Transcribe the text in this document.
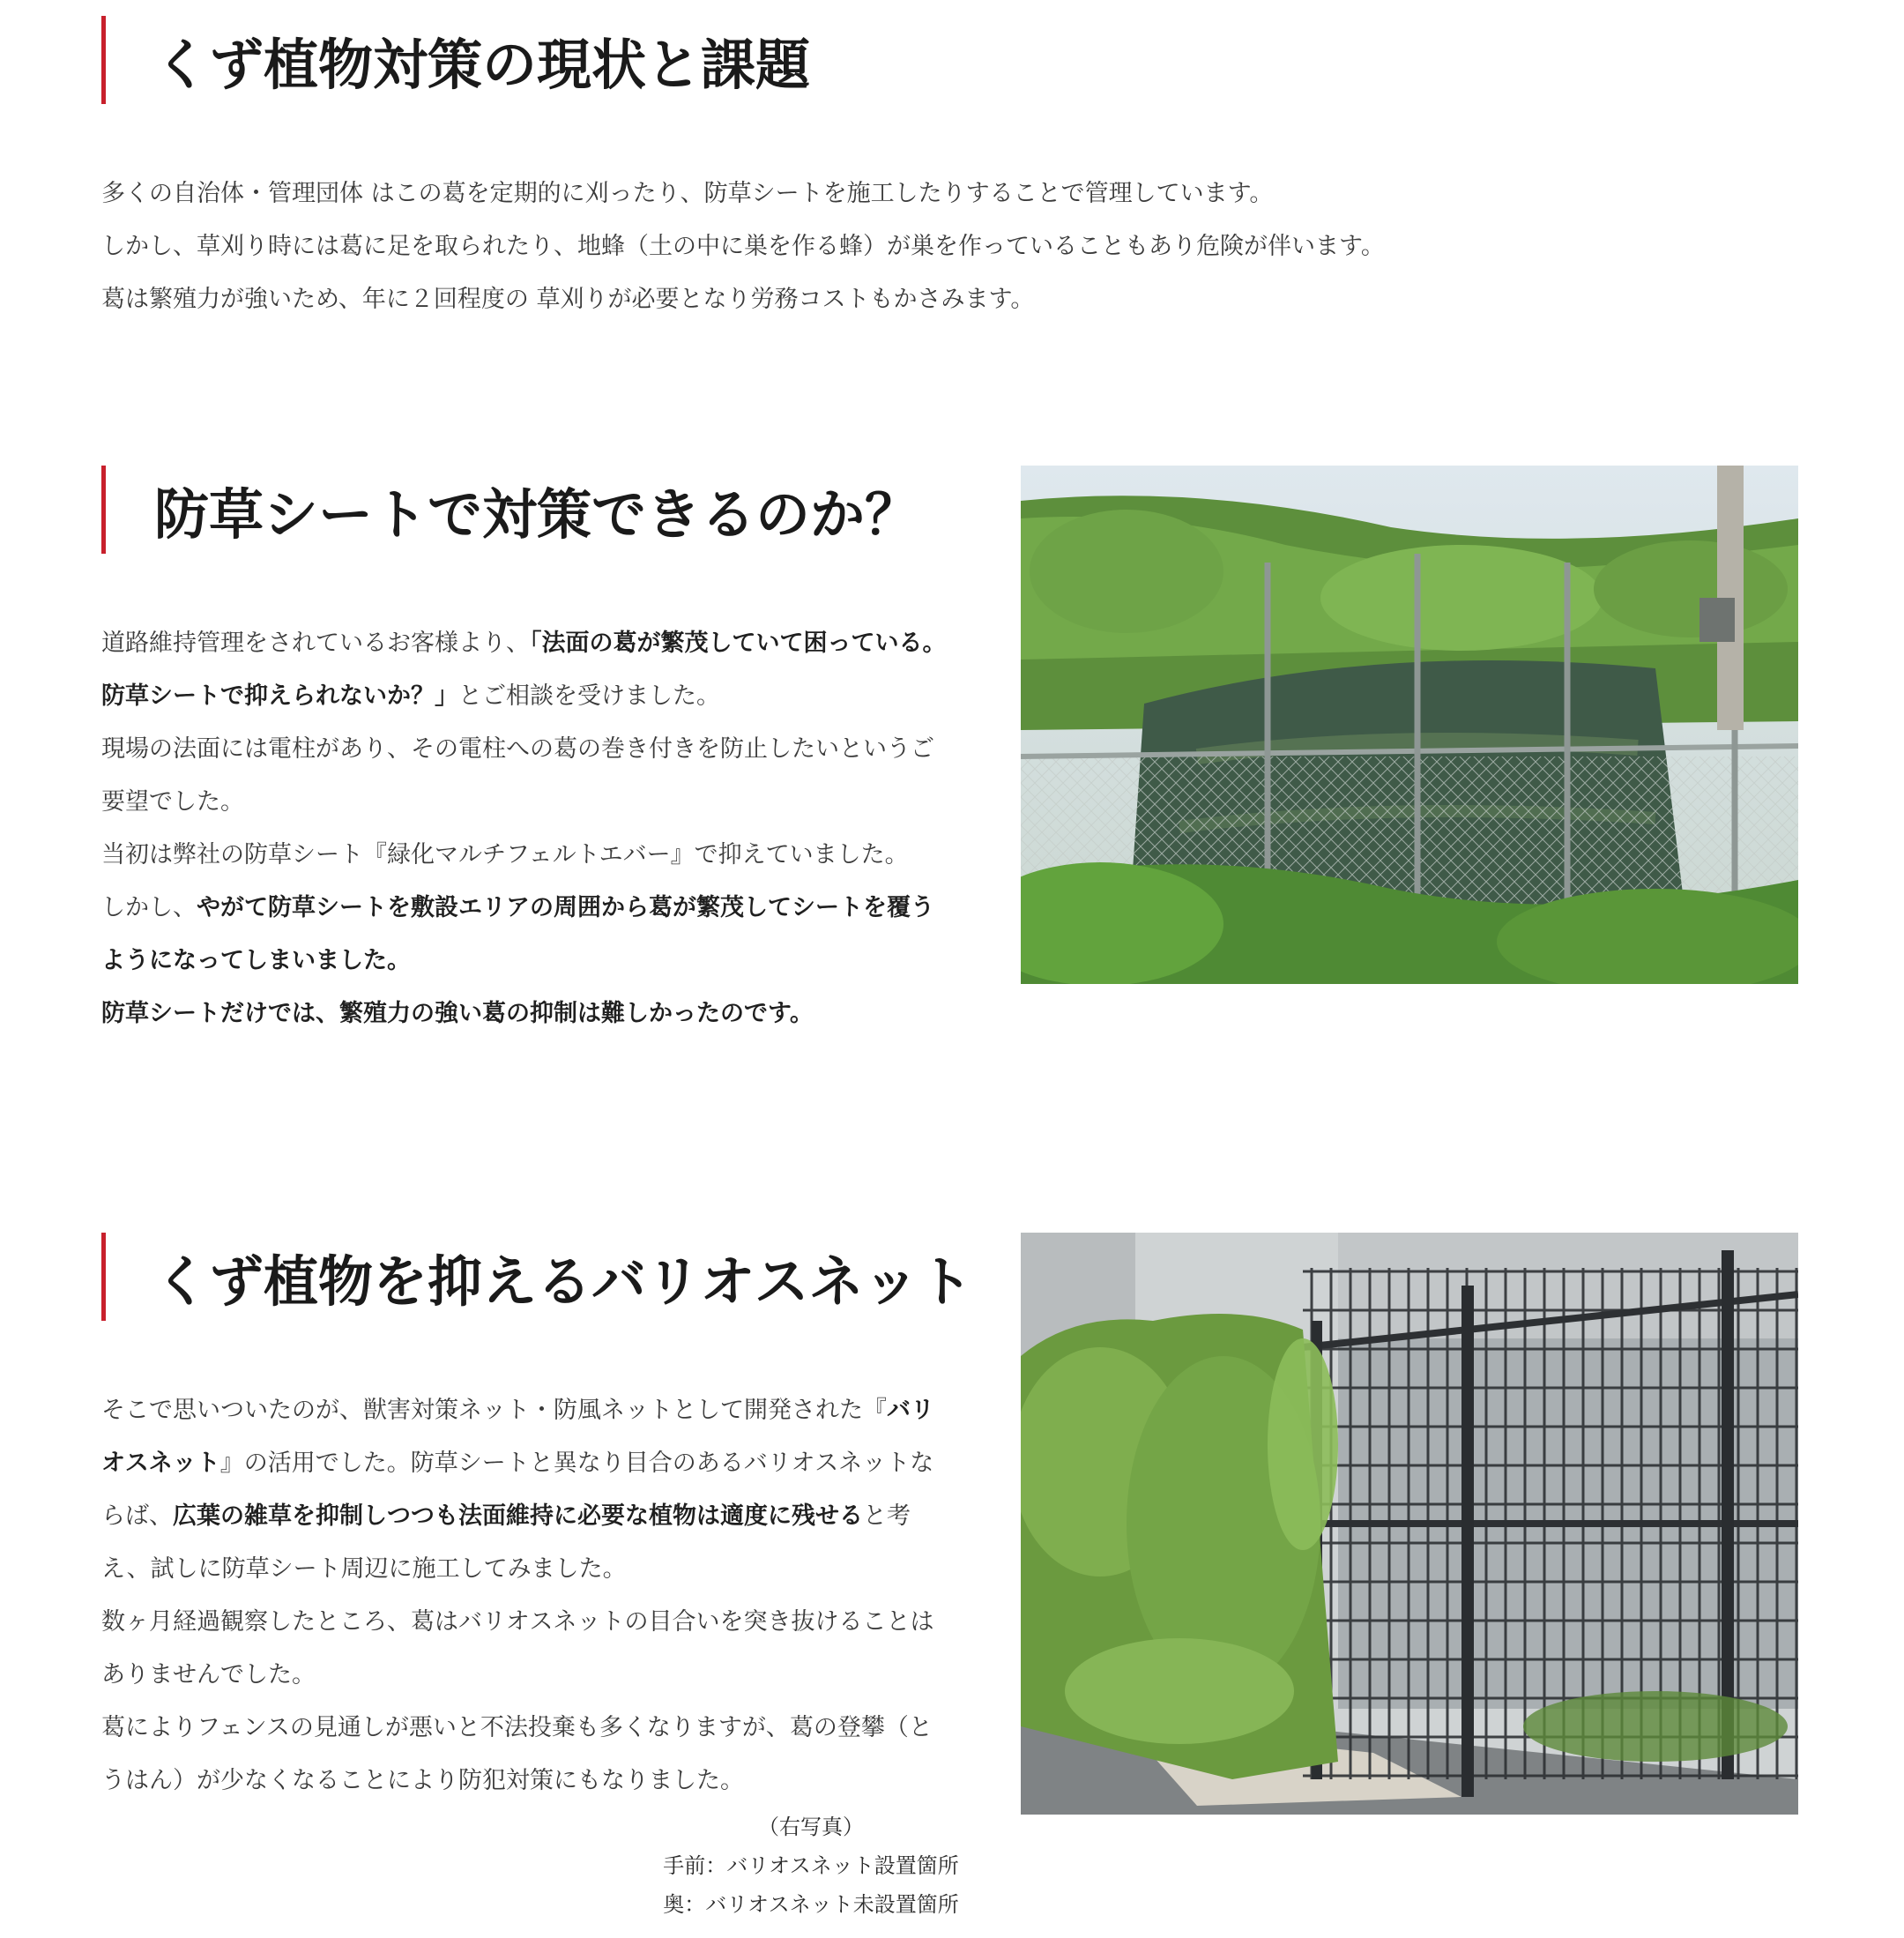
くず植物対策の現状と課題

多くの自治体・管理団体 はこの葛を定期的に刈ったり、防草シートを施工したりすることで管理しています。

しかし、草刈り時には葛に足を取られたり、地蜂（土の中に巣を作る蜂）が巣を作っていることもあり危険が伴います。

葛は繁殖力が強いため、年に２回程度の 草刈りが必要となり労務コストもかさみます。

防草シートで対策できるのか？

道路維持管理をされているお客様より、「法面の葛が繁茂していて困っている。防草シートで抑えられないか？」とご相談を受けました。

現場の法面には電柱があり、その電柱への葛の巻き付きを防止したいというご要望でした。

当初は弊社の防草シート『緑化マルチフェルトエバー』で抑えていました。

しかし、やがて防草シートを敷設エリアの周囲から葛が繁茂してシートを覆うようになってしまいました。

防草シートだけでは、繁殖力の強い葛の抑制は難しかったのです。

くず植物を抑えるバリオスネット

そこで思いついたのが、獣害対策ネット・防風ネットとして開発された『バリオスネット』の活用でした。防草シートと異なり目合のあるバリオスネットならば、広葉の雑草を抑制しつつも法面維持に必要な植物は適度に残せると考え、試しに防草シート周辺に施工してみました。

数ヶ月経過観察したところ、葛はバリオスネットの目合いを突き抜けることはありませんでした。

葛によりフェンスの見通しが悪いと不法投棄も多くなりますが、葛の登攀（とうはん）が少なくなることにより防犯対策にもなりました。

（右写真）
手前：バリオスネット設置箇所
奥：バリオスネット未設置箇所
